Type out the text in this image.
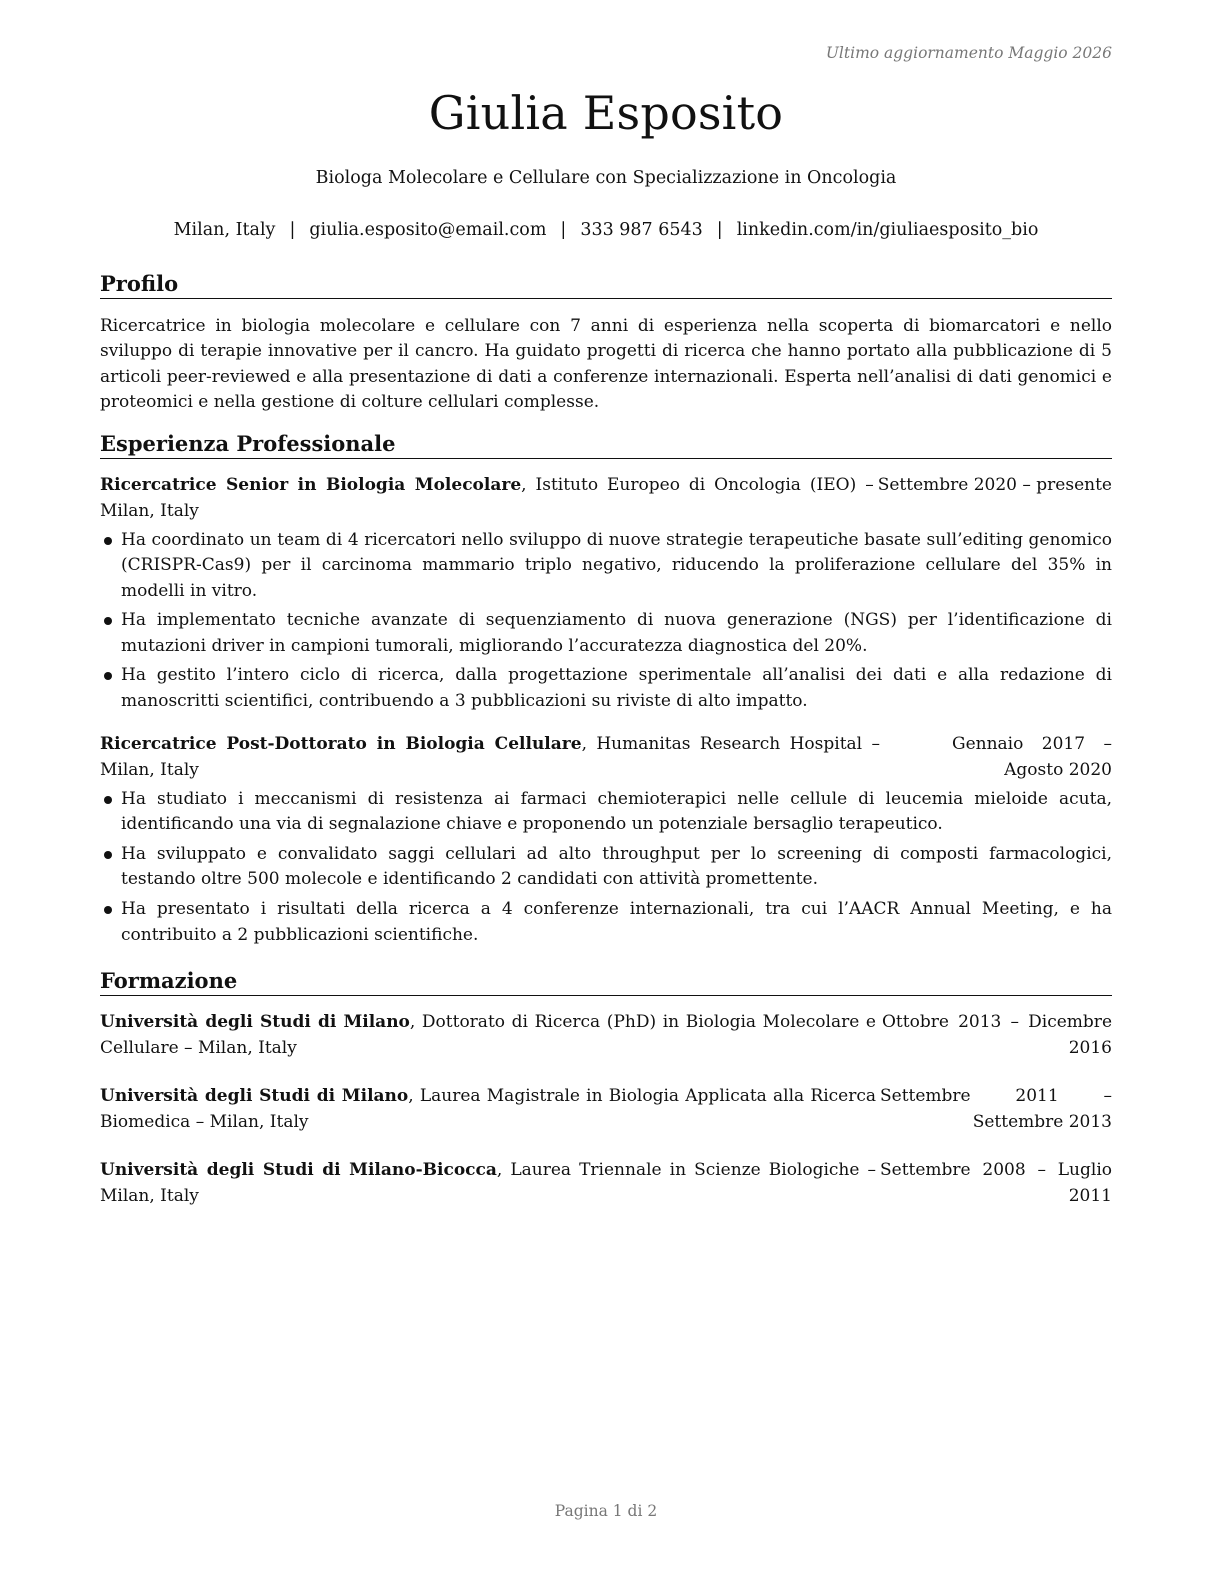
Ultimo aggiornamento Maggio 2026
Giulia Esposito
Biologa Molecolare e Cellulare con Specializzazione in Oncologia
Milan, Italy | giulia.esposito@email.com | 333 987 6543 | linkedin.com/in/giuliaesposito_bio
Profilo

Ricercatrice in biologia molecolare e cellulare con 7 anni di esperienza nella scoperta di biomarcatori e nello sviluppo di terapie innovative per il cancro. Ha guidato progetti di ricerca che hanno portato alla pubblicazione di 5 articoli peer-reviewed e alla presentazione di dati a conferenze internazionali. Esperta nell’analisi di dati genomici e proteomici e nella gestione di colture cellulari complesse.

Esperienza Professionale
Ricercatrice Senior in Biologia Molecolare, Istituto Europeo di Oncologia (IEO) – Milan, Italy
Settembre 2020 – presente
Ha coordinato un team di 4 ricercatori nello sviluppo di nuove strategie terapeutiche basate sull’editing genomico (CRISPR-Cas9) per il carcinoma mammario triplo negativo, riducendo la proliferazione cellulare del 35% in modelli in vitro.
Ha implementato tecniche avanzate di sequenziamento di nuova generazione (NGS) per l’identificazione di mutazioni driver in campioni tumorali, migliorando l’accuratezza diagnostica del 20%.
Ha gestito l’intero ciclo di ricerca, dalla progettazione sperimentale all’analisi dei dati e alla redazione di manoscritti scientifici, contribuendo a 3 pubblicazioni su riviste di alto impatto.
Ricercatrice Post-Dottorato in Biologia Cellulare, Humanitas Research Hospital – Milan, Italy
Gennaio 2017 – Agosto 2020
Ha studiato i meccanismi di resistenza ai farmaci chemioterapici nelle cellule di leucemia mieloide acuta, identificando una via di segnalazione chiave e proponendo un potenziale bersaglio terapeutico.
Ha sviluppato e convalidato saggi cellulari ad alto throughput per lo screening di composti farmacologici, testando oltre 500 molecole e identificando 2 candidati con attività promettente.
Ha presentato i risultati della ricerca a 4 conferenze internazionali, tra cui l’AACR Annual Meeting, e ha contribuito a 2 pubblicazioni scientifiche.
Formazione
Università degli Studi di Milano, Dottorato di Ricerca (PhD) in Biologia Molecolare e Cellulare – Milan, Italy
Ottobre 2013 – Dicembre 2016
Università degli Studi di Milano, Laurea Magistrale in Biologia Applicata alla Ricerca Biomedica – Milan, Italy
Settembre 2011 – Settembre 2013
Università degli Studi di Milano-Bicocca, Laurea Triennale in Scienze Biologiche – Milan, Italy
Settembre 2008 – Luglio 2011
Pagina 1 di 2
